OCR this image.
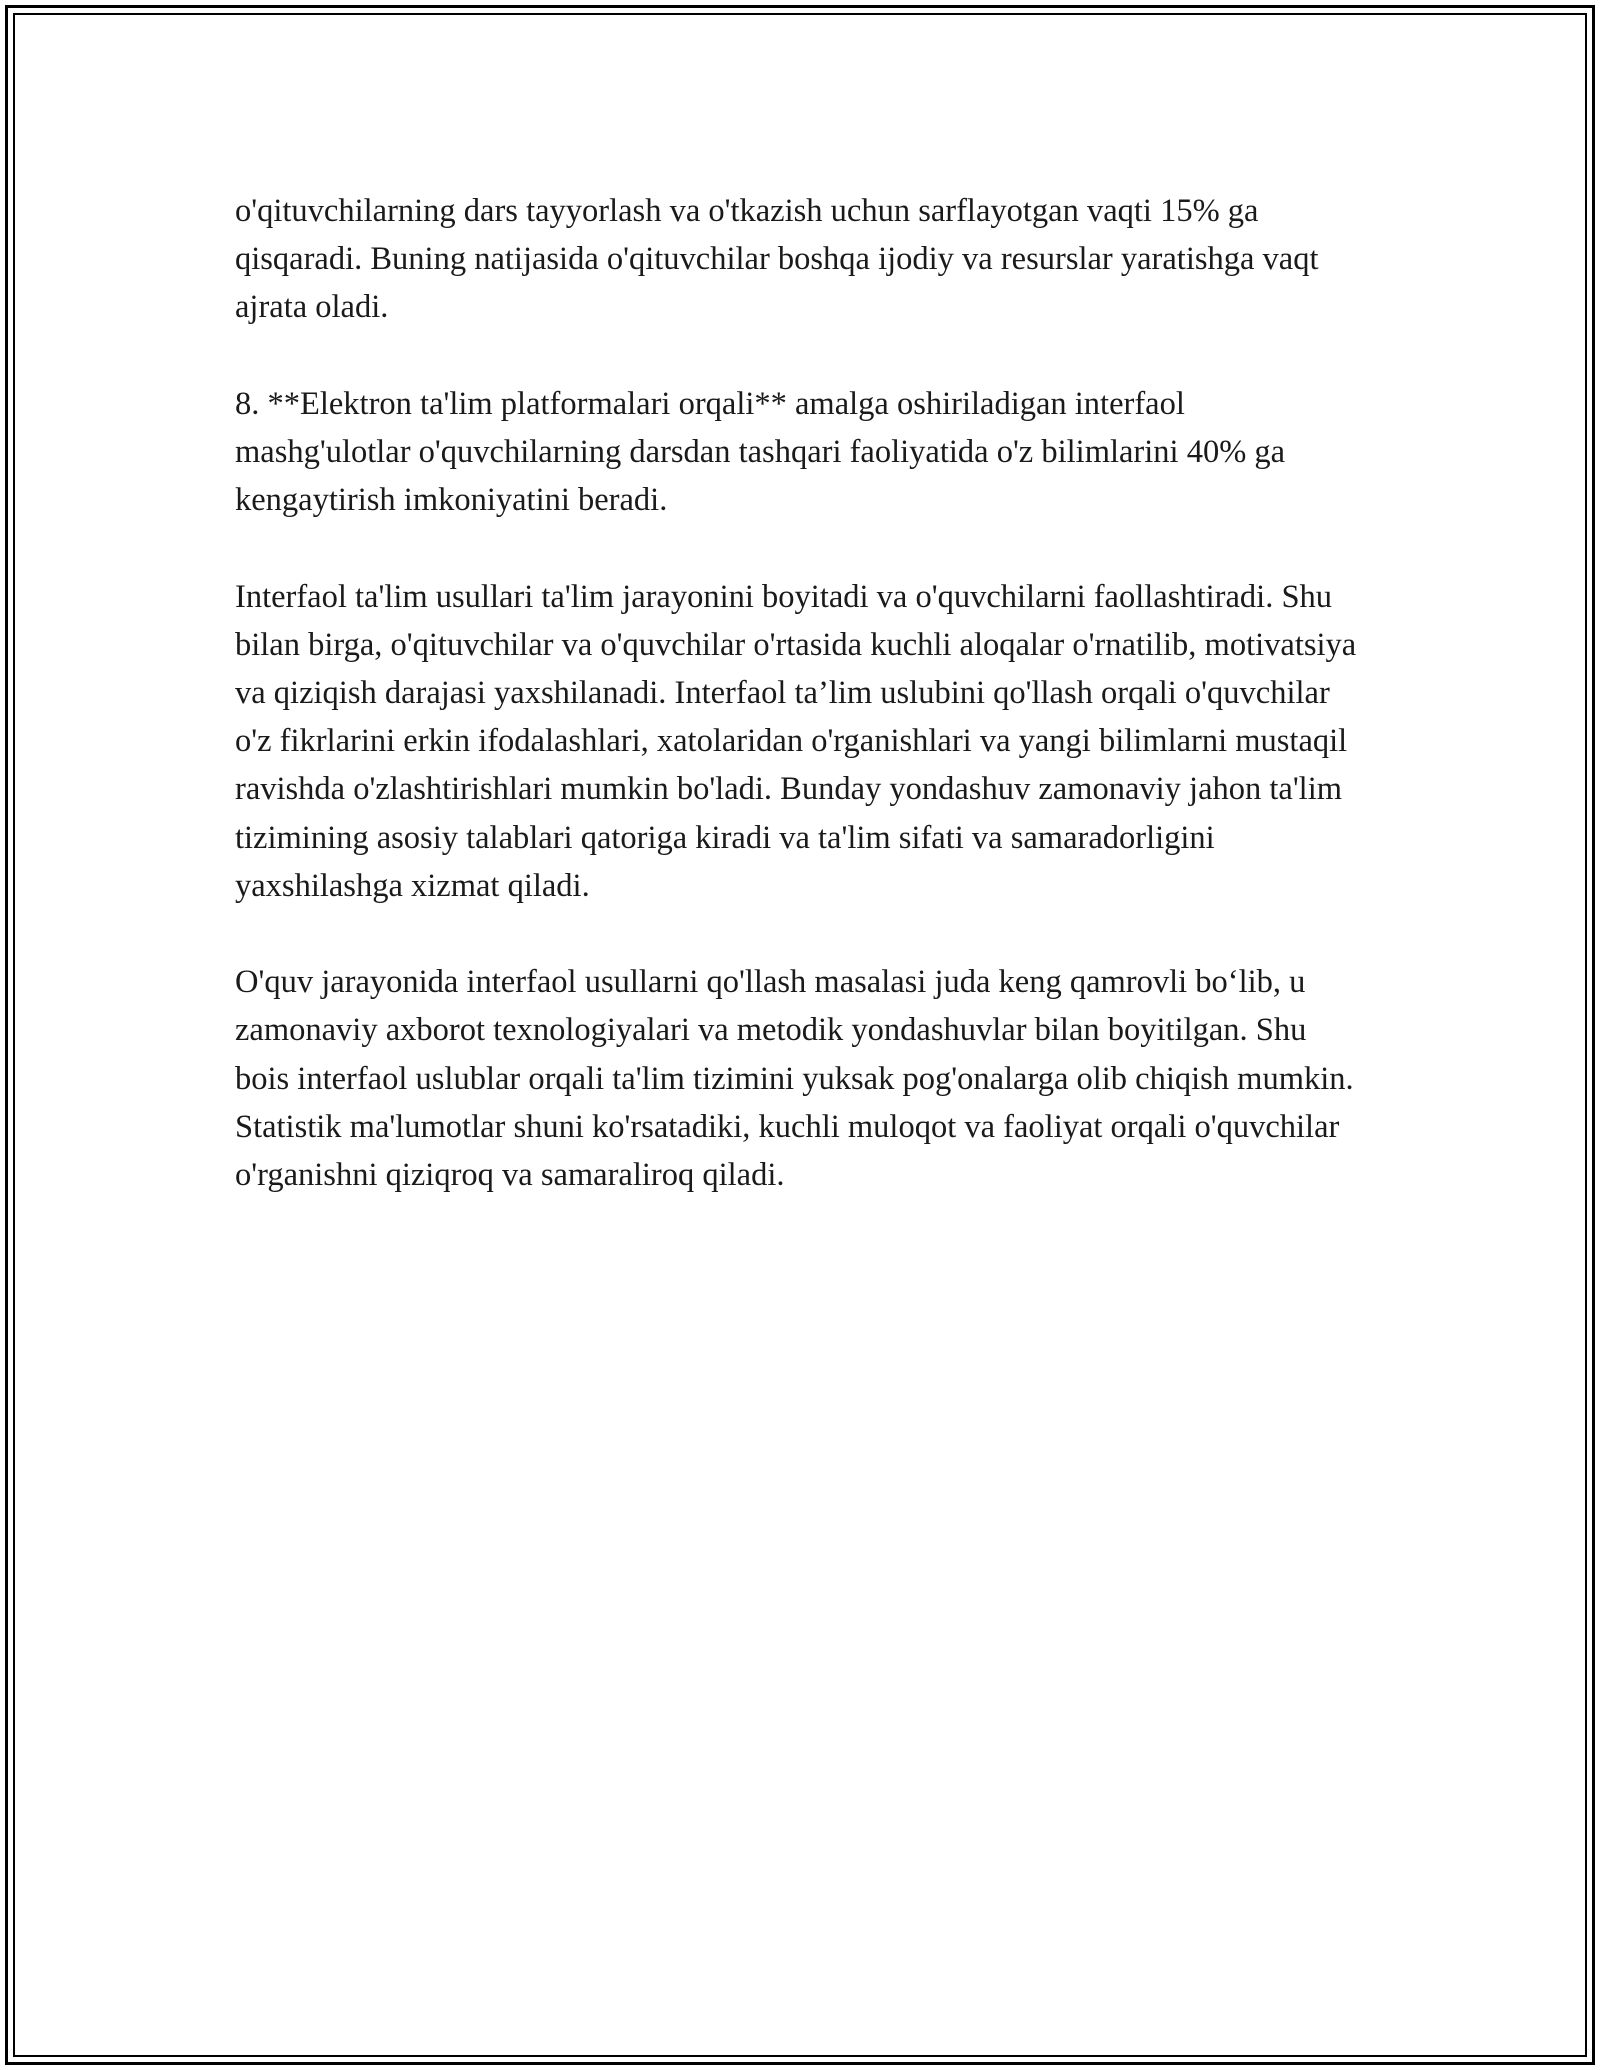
o'qituvchilarning dars tayyorlash va o'tkazish uchun sarflayotgan vaqti 15% ga qisqaradi. Buning natijasida o'qituvchilar boshqa ijodiy va resurslar yaratishga vaqt ajrata oladi.

8. **Elektron ta'lim platformalari orqali** amalga oshiriladigan interfaol mashg'ulotlar o'quvchilarning darsdan tashqari faoliyatida o'z bilimlarini 40% ga kengaytirish imkoniyatini beradi.

Interfaol ta'lim usullari ta'lim jarayonini boyitadi va o'quvchilarni faollashtiradi. Shu bilan birga, o'qituvchilar va o'quvchilar o'rtasida kuchli aloqalar o'rnatilib, motivatsiya va qiziqish darajasi yaxshilanadi. Interfaol ta’lim uslubini qo'llash orqali o'quvchilar o'z fikrlarini erkin ifodalashlari, xatolaridan o'rganishlari va yangi bilimlarni mustaqil ravishda o'zlashtirishlari mumkin bo'ladi. Bunday yondashuv zamonaviy jahon ta'lim tizimining asosiy talablari qatoriga kiradi va ta'lim sifati va samaradorligini yaxshilashga xizmat qiladi.

O'quv jarayonida interfaol usullarni qo'llash masalasi juda keng qamrovli bo‘lib, u zamonaviy axborot texnologiyalari va metodik yondashuvlar bilan boyitilgan. Shu bois interfaol uslublar orqali ta'lim tizimini yuksak pog'onalarga olib chiqish mumkin. Statistik ma'lumotlar shuni ko'rsatadiki, kuchli muloqot va faoliyat orqali o'quvchilar o'rganishni qiziqroq va samaraliroq qiladi.
